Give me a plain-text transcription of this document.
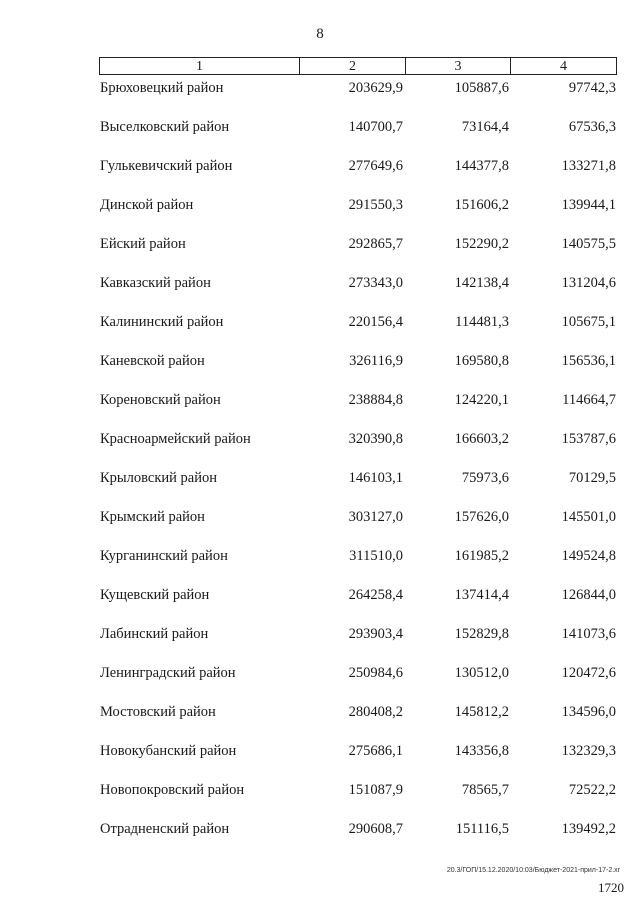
8
1	2	3	4
Брюховецкий район	203629,9	105887,6	97742,3
Выселковский район	140700,7	73164,4	67536,3
Гулькевичский район	277649,6	144377,8	133271,8
Динской район	291550,3	151606,2	139944,1
Ейский район	292865,7	152290,2	140575,5
Кавказский район	273343,0	142138,4	131204,6
Калининский район	220156,4	114481,3	105675,1
Каневской район	326116,9	169580,8	156536,1
Кореновский район	238884,8	124220,1	114664,7
Красноармейский район	320390,8	166603,2	153787,6
Крыловский район	146103,1	75973,6	70129,5
Крымский район	303127,0	157626,0	145501,0
Курганинский район	311510,0	161985,2	149524,8
Кущевский район	264258,4	137414,4	126844,0
Лабинский район	293903,4	152829,8	141073,6
Ленинградский район	250984,6	130512,0	120472,6
Мостовский район	280408,2	145812,2	134596,0
Новокубанский район	275686,1	143356,8	132329,3
Новопокровский район	151087,9	78565,7	72522,2
Отрадненский район	290608,7	151116,5	139492,2
20.3/ГОП/15.12.2020/10:03/Бюджет-2021-прил-17-2.xr
1720
